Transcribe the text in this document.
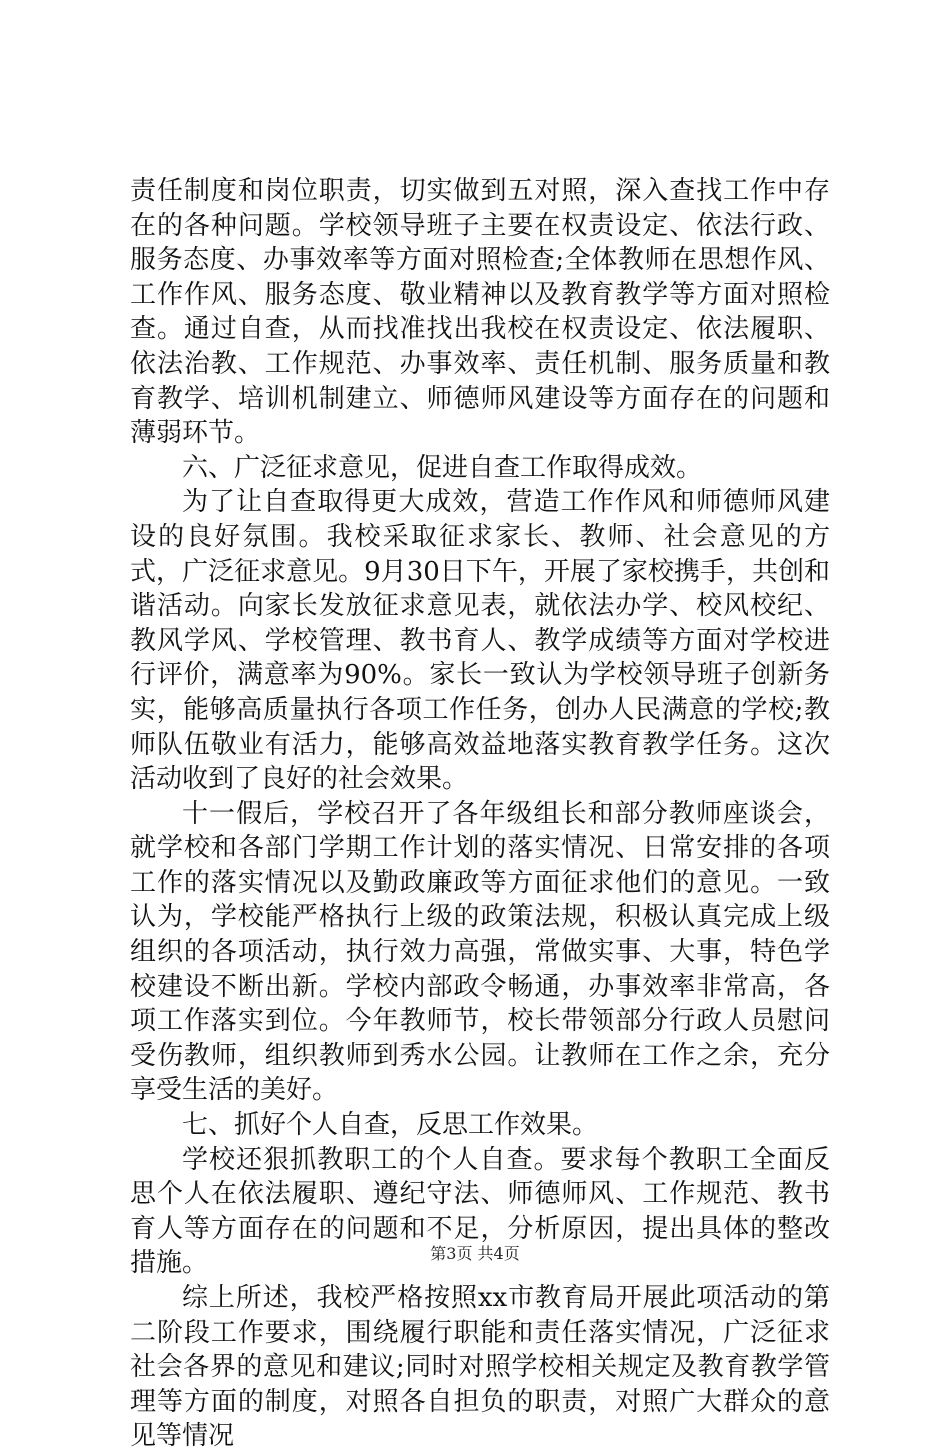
责任制度和岗位职责，切实做到五对照，深入查找工作中存在的各种问题。学校领导班子主要在权责设定、依法行政、服务态度、办事效率等方面对照检查;全体教师在思想作风、工作作风、服务态度、敬业精神以及教育教学等方面对照检查。通过自查，从而找准找出我校在权责设定、依法履职、依法治教、工作规范、办事效率、责任机制、服务质量和教育教学、培训机制建立、师德师风建设等方面存在的问题和薄弱环节。

六、广泛征求意见，促进自查工作取得成效。

为了让自查取得更大成效，营造工作作风和师德师风建设的良好氛围。我校采取征求家长、教师、社会意见的方式，广泛征求意见。9月30日下午，开展了家校携手，共创和谐活动。向家长发放征求意见表，就依法办学、校风校纪、教风学风、学校管理、教书育人、教学成绩等方面对学校进行评价，满意率为90%。家长一致认为学校领导班子创新务实，能够高质量执行各项工作任务，创办人民满意的学校;教师队伍敬业有活力，能够高效益地落实教育教学任务。这次活动收到了良好的社会效果。

十一假后，学校召开了各年级组长和部分教师座谈会，就学校和各部门学期工作计划的落实情况、日常安排的各项工作的落实情况以及勤政廉政等方面征求他们的意见。一致认为，学校能严格执行上级的政策法规，积极认真完成上级组织的各项活动，执行效力高强，常做实事、大事，特色学校建设不断出新。学校内部政令畅通，办事效率非常高，各项工作落实到位。今年教师节，校长带领部分行政人员慰问受伤教师，组织教师到秀水公园。让教师在工作之余，充分享受生活的美好。

七、抓好个人自查，反思工作效果。

学校还狠抓教职工的个人自查。要求每个教职工全面反思个人在依法履职、遵纪守法、师德师风、工作规范、教书育人等方面存在的问题和不足，分析原因，提出具体的整改措施。

综上所述，我校严格按照xx市教育局开展此项活动的第二阶段工作要求，围绕履行职能和责任落实情况，广泛征求社会各界的意见和建议;同时对照学校相关规定及教育教学管理等方面的制度，对照各自担负的职责，对照广大群众的意见等情况

第3页 共4页
